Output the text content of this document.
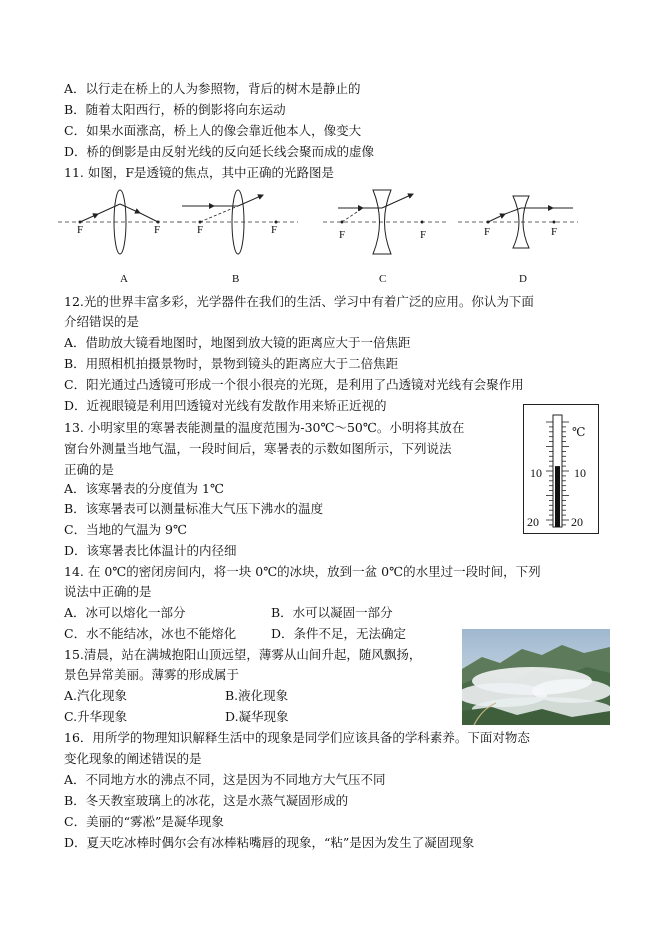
A．以行走在桥上的人为参照物，背后的树木是静止的
B．随着太阳西行，桥的倒影将向东运动
C．如果水面涨高，桥上人的像会靠近他本人，像变大
D．桥的倒影是由反射光线的反向延长线会聚而成的虚像
11. 如图，F是透镜的焦点，其中正确的光路图是
F	F	F	F	F	F	F	F
A	B	C	D
12.光的世界丰富多彩，光学器件在我们的生活、学习中有着广泛的应用。你认为下面
介绍错误的是
A．借助放大镜看地图时，地图到放大镜的距离应大于一倍焦距
B．用照相机拍摄景物时，景物到镜头的距离应大于二倍焦距
C．阳光通过凸透镜可形成一个很小很亮的光斑，是利用了凸透镜对光线有会聚作用
D．近视眼镜是利用凹透镜对光线有发散作用来矫正近视的
13. 小明家里的寒暑表能测量的温度范围为-30℃～50℃。小明将其放在
窗台外测量当地气温，一段时间后，寒暑表的示数如图所示，下列说法
正确的是
A．该寒暑表的分度值为 1℃
B．该寒暑表可以测量标准大气压下沸水的温度
C．当地的气温为 9℃
D．该寒暑表比体温计的内径细
℃
10	10
20	20
14. 在 0℃的密闭房间内，将一块 0℃的冰块，放到一盆 0℃的水里过一段时间，下列
说法中正确的是
A．冰可以熔化一部分	B．水可以凝固一部分
C．水不能结冰，冰也不能熔化	D．条件不足，无法确定
15.清晨，站在满城抱阳山顶远望，薄雾从山间升起，随风飘扬，
景色异常美丽。薄雾的形成属于
A.汽化现象	B.液化现象
C.升华现象	D.凝华现象
16．用所学的物理知识解释生活中的现象是同学们应该具备的学科素养。下面对物态
变化现象的阐述错误的是
A．不同地方水的沸点不同，这是因为不同地方大气压不同
B．冬天教室玻璃上的冰花，这是水蒸气凝固形成的
C．美丽的“雾凇”是凝华现象
D．夏天吃冰棒时偶尔会有冰棒粘嘴唇的现象，“粘”是因为发生了凝固现象
